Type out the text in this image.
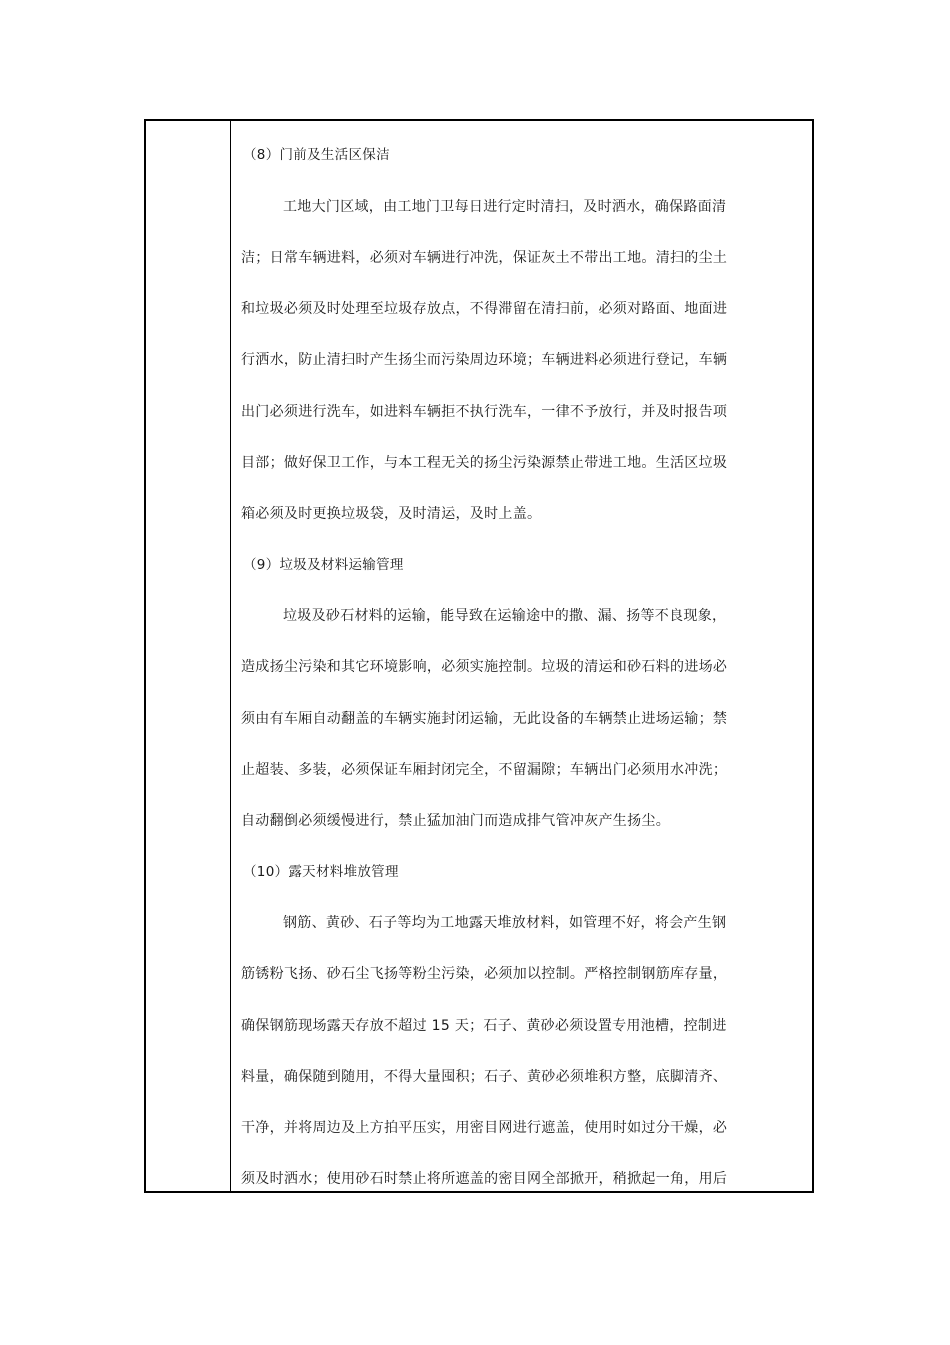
（8）门前及生活区保洁
工地大门区域，由工地门卫每日进行定时清扫，及时洒水，确保路面清
洁；日常车辆进料，必须对车辆进行冲洗，保证灰土不带出工地。清扫的尘土
和垃圾必须及时处理至垃圾存放点，不得滞留在清扫前，必须对路面、地面进
行洒水，防止清扫时产生扬尘而污染周边环境；车辆进料必须进行登记，车辆
出门必须进行洗车，如进料车辆拒不执行洗车，一律不予放行，并及时报告项
目部；做好保卫工作，与本工程无关的扬尘污染源禁止带进工地。生活区垃圾
箱必须及时更换垃圾袋，及时清运，及时上盖。
（9）垃圾及材料运输管理
垃圾及砂石材料的运输，能导致在运输途中的撒、漏、扬等不良现象，
造成扬尘污染和其它环境影响，必须实施控制。垃圾的清运和砂石料的进场必
须由有车厢自动翻盖的车辆实施封闭运输，无此设备的车辆禁止进场运输；禁
止超装、多装，必须保证车厢封闭完全，不留漏隙；车辆出门必须用水冲洗；
自动翻倒必须缓慢进行，禁止猛加油门而造成排气管冲灰产生扬尘。
（10）露天材料堆放管理
钢筋、黄砂、石子等均为工地露天堆放材料，如管理不好，将会产生钢
筋锈粉飞扬、砂石尘飞扬等粉尘污染，必须加以控制。严格控制钢筋库存量，
确保钢筋现场露天存放不超过 15 天；石子、黄砂必须设置专用池槽，控制进
料量，确保随到随用，不得大量囤积；石子、黄砂必须堆积方整，底脚清齐、
干净，并将周边及上方拍平压实，用密目网进行遮盖，使用时如过分干燥，必
须及时洒水；使用砂石时禁止将所遮盖的密目网全部掀开，稍掀起一角，用后
